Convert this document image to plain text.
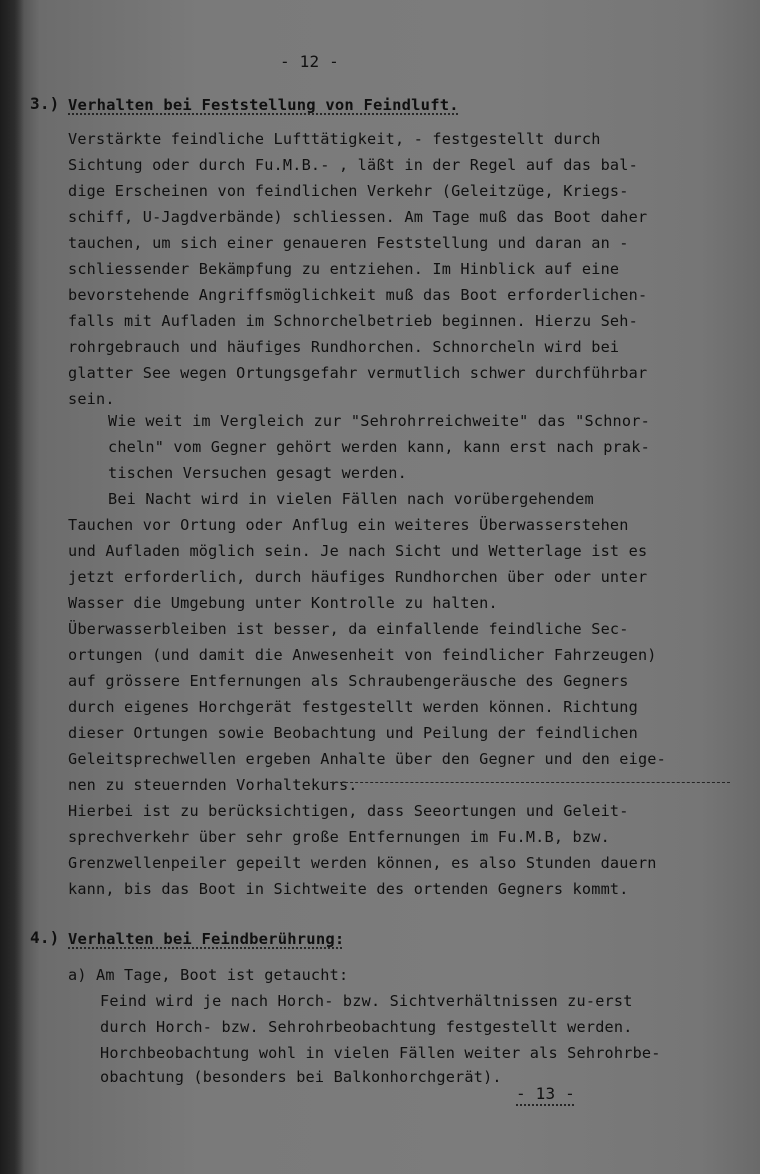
- 12 -
3.) Verhalten bei Feststellung von Feindluft.
Verstärkte feindliche Lufttätigkeit, - festgestellt durch
Sichtung oder durch Fu.M.B.- , läßt in der Regel auf das bal-
dige Erscheinen von feindlichen Verkehr (Geleitzüge, Kriegs-
schiff, U-Jagdverbände) schliessen. Am Tage muß das Boot daher
tauchen, um sich einer genaueren Feststellung und daran an -
schliessender Bekämpfung zu entziehen. Im Hinblick auf eine
bevorstehende Angriffsmöglichkeit muß das Boot erforderlichen-
falls mit Aufladen im Schnorchelbetrieb beginnen. Hierzu Seh-
rohrgebrauch und häufiges Rundhorchen. Schnorcheln wird bei
glatter See wegen Ortungsgefahr vermutlich schwer durchführbar
sein.
Wie weit im Vergleich zur "Sehrohrreichweite" das "Schnor-
cheln" vom Gegner gehört werden kann, kann erst nach prak-
tischen Versuchen gesagt werden.
Bei Nacht wird in vielen Fällen nach vorübergehendem
Tauchen vor Ortung oder Anflug ein weiteres Überwasserstehen
und Aufladen möglich sein. Je nach Sicht und Wetterlage ist es
jetzt erforderlich, durch häufiges Rundhorchen über oder unter
Wasser die Umgebung unter Kontrolle zu halten.
Überwasserbleiben ist besser, da einfallende feindliche Sec-
ortungen (und damit die Anwesenheit von feindlicher Fahrzeugen)
auf grössere Entfernungen als Schraubengeräusche des Gegners
durch eigenes Horchgerät festgestellt werden können. Richtung
dieser Ortungen sowie Beobachtung und Peilung der feindlichen
Geleitsprechwellen ergeben Anhalte über den Gegner und den eige-
nen zu steuernden Vorhaltekurs.
Hierbei ist zu berücksichtigen, dass Seeortungen und Geleit-
sprechverkehr über sehr große Entfernungen im Fu.M.B, bzw.
Grenzwellenpeiler gepeilt werden können, es also Stunden dauern
kann, bis das Boot in Sichtweite des ortenden Gegners kommt.
4.) Verhalten bei Feindberührung:
a) Am Tage, Boot ist getaucht:
Feind wird je nach Horch- bzw. Sichtverhältnissen zu-erst
durch Horch- bzw. Sehrohrbeobachtung festgestellt werden.
Horchbeobachtung wohl in vielen Fällen weiter als Sehrohrbe-
obachtung (besonders bei Balkonhorchgerät).
- 13 -
